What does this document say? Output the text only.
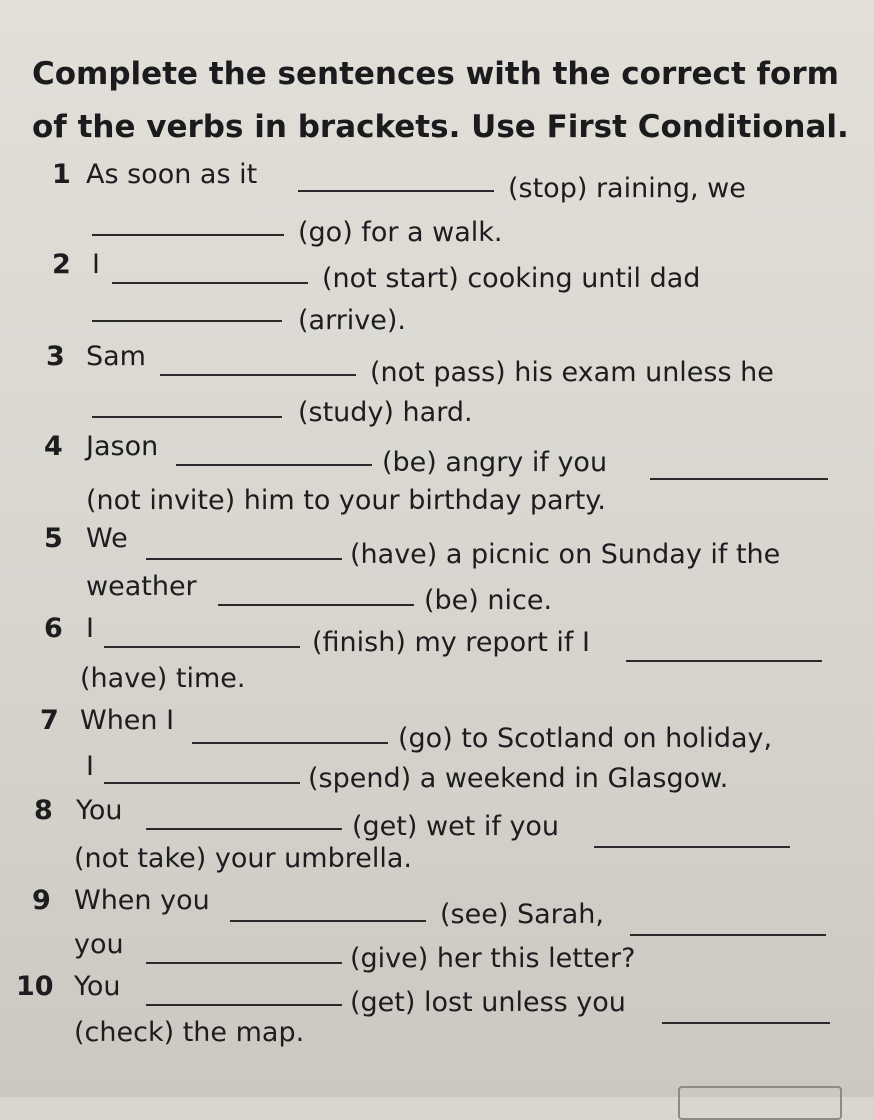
Complete the sentences with the correct form of the verbs in brackets. Use First Conditional.
1 As soon as it	(stop) raining, we
(go) for a walk.
2 I	(not start) cooking until dad
(arrive).
3 Sam
(not pass) his exam unless he
(study) hard.
4 Jason
(be) angry if you
(not invite) him to your birthday party.
5 We
(have) a picnic on Sunday if the
weather	(be) nice.
6 I	(finish) my report if I
(have) time.
7 When I
(go) to Scotland on holiday,
I	(spend) a weekend in Glasgow.
8 You
(get) wet if you
(not take) your umbrella.
9 When you	(see) Sarah,
you	(give) her this letter?
10 You
(get) lost unless you
(check) the map.
